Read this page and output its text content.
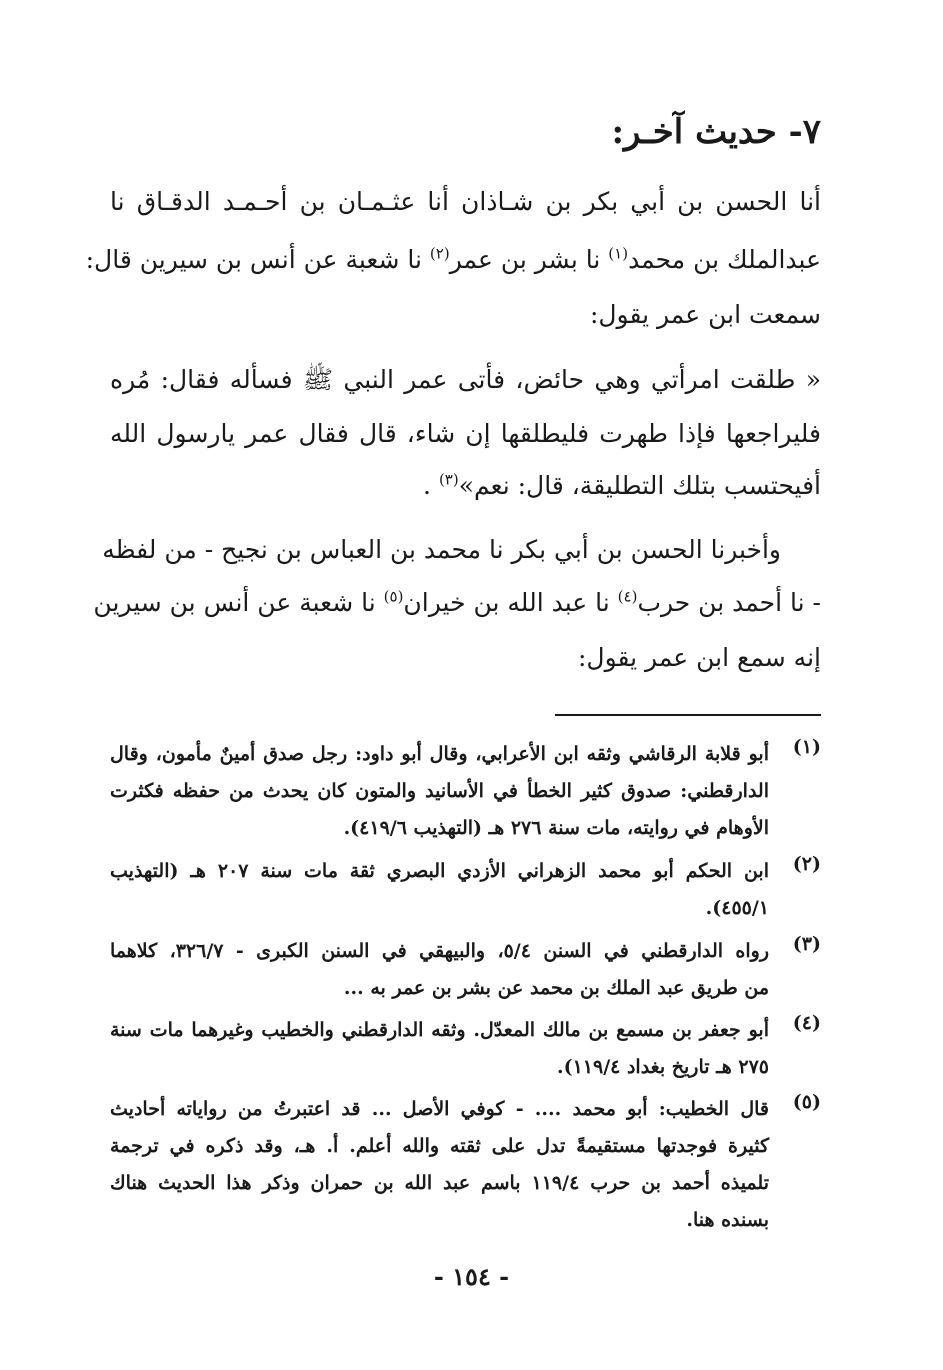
٧- حديث آخـر:

أنا الحسن بن أبي بكر بن شـاذان أنا عثـمـان بن أحـمـد الدقـاق نا

عبدالملك بن محمد$^{(١)}$ نا بشر بن عمر$^{(٢)}$ نا شعبة عن أنس بن سيرين قال:

سمعت ابن عمر يقول:

« طلقت امرأتي وهي حائض، فأتى عمر النبي ﷺ فسأله فقال: مُره

فليراجعها فإذا طهرت فليطلقها إن شاء، قال فقال عمر يارسول الله

أفيحتسب بتلك التطليقة، قال: نعم»$^{(٣)}$ .

وأخبرنا الحسن بن أبي بكر نا محمد بن العباس بن نجيح - من لفظه

- نا أحمد بن حرب$^{(٤)}$ نا عبد الله بن خيران$^{(٥)}$ نا شعبة عن أنس بن سيرين

إنه سمع ابن عمر يقول:

(١)
أبو قلابة الرقاشي وثقه ابن الأعرابي، وقال أبو داود: رجل صدق أمينٌ مأمون، وقال
الدارقطني: صدوق كثير الخطأ في الأسانيد والمتون كان يحدث من حفظه فكثرت
الأوهام في روايته، مات سنة ٢٧٦ هـ (التهذيب ٤١٩/٦).
(٢)
ابن الحكم أبو محمد الزهراني الأزدي البصري ثقة مات سنة ٢٠٧ هـ (التهذيب
٤٥٥/١).
(٣)
رواه الدارقطني في السنن ٥/٤، والبيهقي في السنن الكبرى - ٣٢٦/٧، كلاهما
من طريق عبد الملك بن محمد عن بشر بن عمر به ...
(٤)
أبو جعفر بن مسمع بن مالك المعدّل. وثقه الدارقطني والخطيب وغيرهما مات سنة
٢٧٥ هـ تاريخ بغداد ١١٩/٤).
(٥)
قال الخطيب: أبو محمد .... - كوفي الأصل ... قد اعتبرتُ من رواياته أحاديث
كثيرة فوجدتها مستقيمةً تدل على ثقته والله أعلم. أ. هـ، وقد ذكره في ترجمة
تلميذه أحمد بن حرب ١١٩/٤ باسم عبد الله بن حمران وذكر هذا الحديث هناك
بسنده هنا.
- ١٥٤ -
